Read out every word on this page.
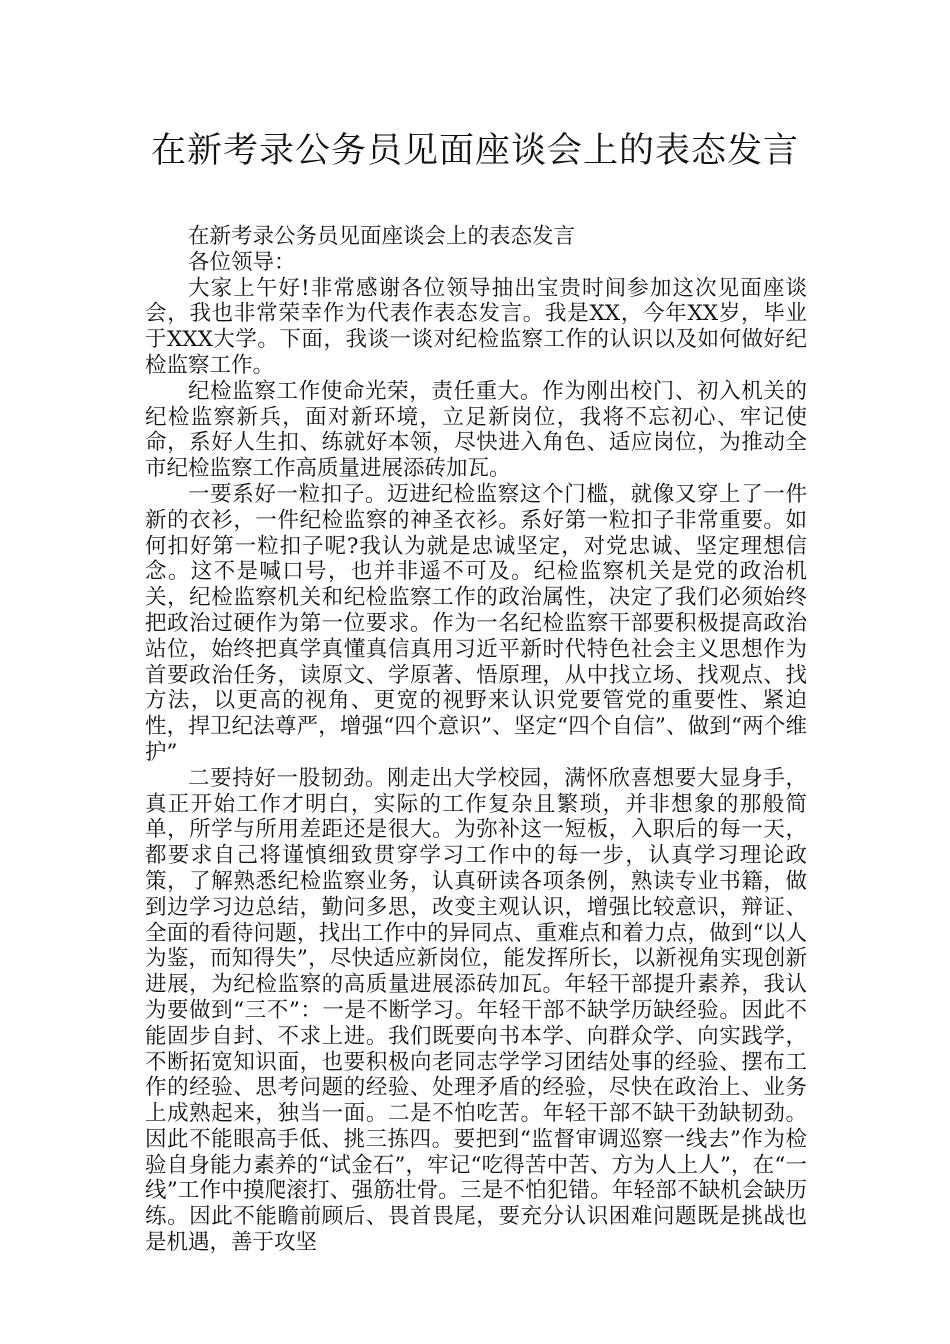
在新考录公务员见面座谈会上的表态发言

在新考录公务员见面座谈会上的表态发言

各位领导：

大家上午好!非常感谢各位领导抽出宝贵时间参加这次见面座谈会，我也非常荣幸作为代表作表态发言。我是XX，今年XX岁，毕业于XXX大学。下面，我谈一谈对纪检监察工作的认识以及如何做好纪检监察工作。

纪检监察工作使命光荣，责任重大。作为刚出校门、初入机关的纪检监察新兵，面对新环境，立足新岗位，我将不忘初心、牢记使命，系好人生扣、练就好本领，尽快进入角色、适应岗位，为推动全市纪检监察工作高质量进展添砖加瓦。

一要系好一粒扣子。迈进纪检监察这个门槛，就像又穿上了一件新的衣衫，一件纪检监察的神圣衣衫。系好第一粒扣子非常重要。如何扣好第一粒扣子呢?我认为就是忠诚坚定，对党忠诚、坚定理想信念。这不是喊口号，也并非遥不可及。纪检监察机关是党的政治机关，纪检监察机关和纪检监察工作的政治属性，决定了我们必须始终把政治过硬作为第一位要求。作为一名纪检监察干部要积极提高政治站位，始终把真学真懂真信真用习近平新时代特色社会主义思想作为首要政治任务，读原文、学原著、悟原理，从中找立场、找观点、找方法，以更高的视角、更宽的视野来认识党要管党的重要性、紧迫性，捍卫纪法尊严，增强“四个意识”、坚定“四个自信”、做到“两个维护”

二要持好一股韧劲。刚走出大学校园，满怀欣喜想要大显身手，真正开始工作才明白，实际的工作复杂且繁琐，并非想象的那般简单，所学与所用差距还是很大。为弥补这一短板，入职后的每一天，都要求自己将谨慎细致贯穿学习工作中的每一步，认真学习理论政策，了解熟悉纪检监察业务，认真研读各项条例，熟读专业书籍，做到边学习边总结，勤问多思，改变主观认识，增强比较意识，辩证、全面的看待问题，找出工作中的异同点、重难点和着力点，做到“以人为鉴，而知得失”，尽快适应新岗位，能发挥所长，以新视角实现创新进展，为纪检监察的高质量进展添砖加瓦。年轻干部提升素养，我认为要做到“三不”：一是不断学习。年轻干部不缺学历缺经验。因此不能固步自封、不求上进。我们既要向书本学、向群众学、向实践学，不断拓宽知识面，也要积极向老同志学学习团结处事的经验、摆布工作的经验、思考问题的经验、处理矛盾的经验，尽快在政治上、业务上成熟起来，独当一面。二是不怕吃苦。年轻干部不缺干劲缺韧劲。因此不能眼高手低、挑三拣四。要把到“监督审调巡察一线去”作为检验自身能力素养的“试金石”，牢记“吃得苦中苦、方为人上人”，在“一线”工作中摸爬滚打、强筋壮骨。三是不怕犯错。年轻部不缺机会缺历练。因此不能瞻前顾后、畏首畏尾，要充分认识困难问题既是挑战也是机遇，善于攻坚
